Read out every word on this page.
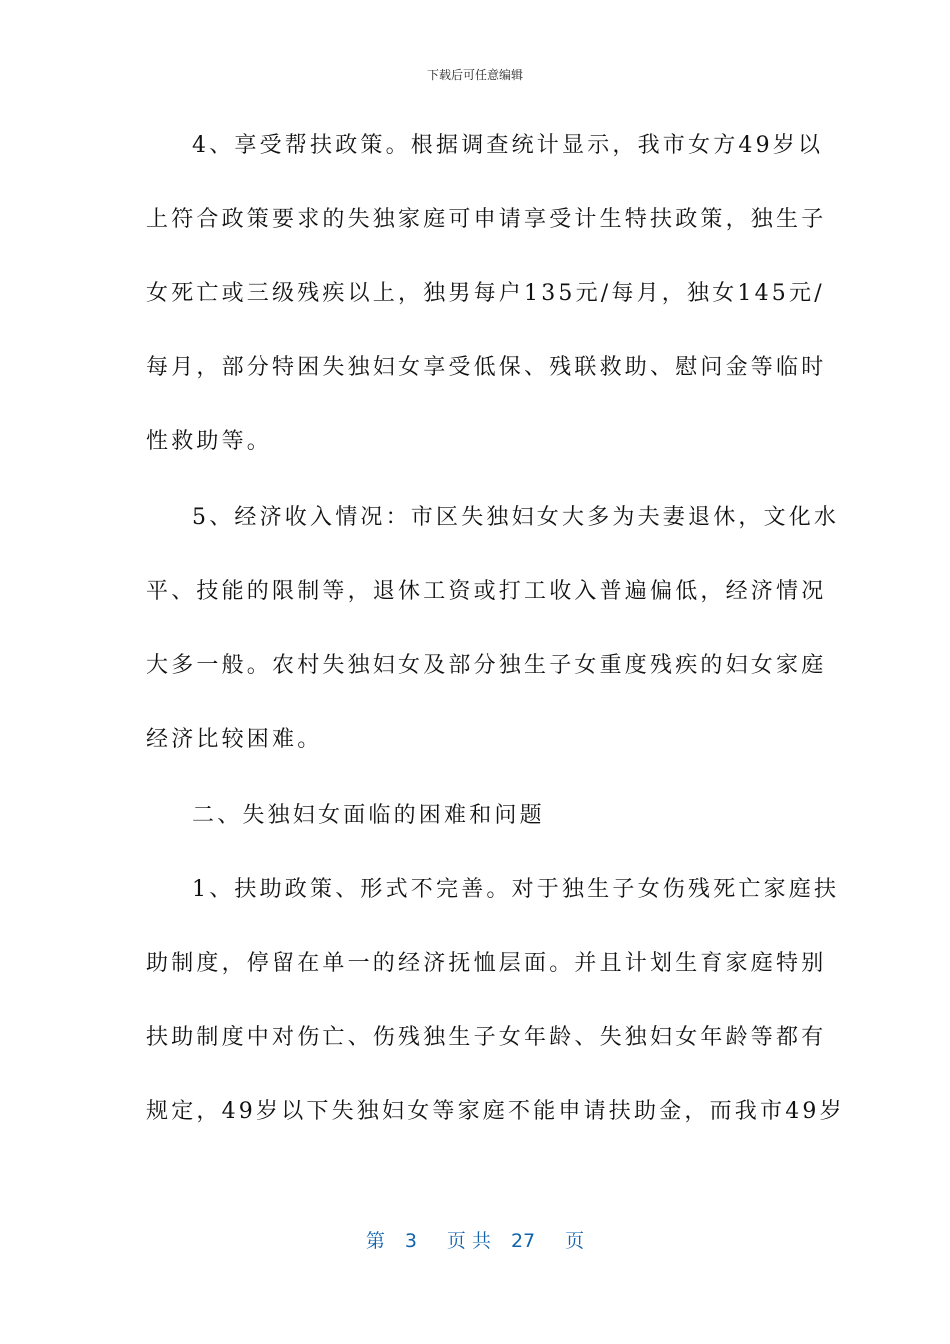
下载后可任意编辑
4、享受帮扶政策。根据调查统计显示，我市女方49岁以
上符合政策要求的失独家庭可申请享受计生特扶政策，独生子
女死亡或三级残疾以上，独男每户135元/每月，独女145元/
每月，部分特困失独妇女享受低保、残联救助、慰问金等临时
性救助等。
5、经济收入情况：市区失独妇女大多为夫妻退休，文化水
平、技能的限制等，退休工资或打工收入普遍偏低，经济情况
大多一般。农村失独妇女及部分独生子女重度残疾的妇女家庭
经济比较困难。
二、失独妇女面临的困难和问题
1、扶助政策、形式不完善。对于独生子女伤残死亡家庭扶
助制度，停留在单一的经济抚恤层面。并且计划生育家庭特别
扶助制度中对伤亡、伤残独生子女年龄、失独妇女年龄等都有
规定，49岁以下失独妇女等家庭不能申请扶助金，而我市49岁
第 3 页 共 27 页
